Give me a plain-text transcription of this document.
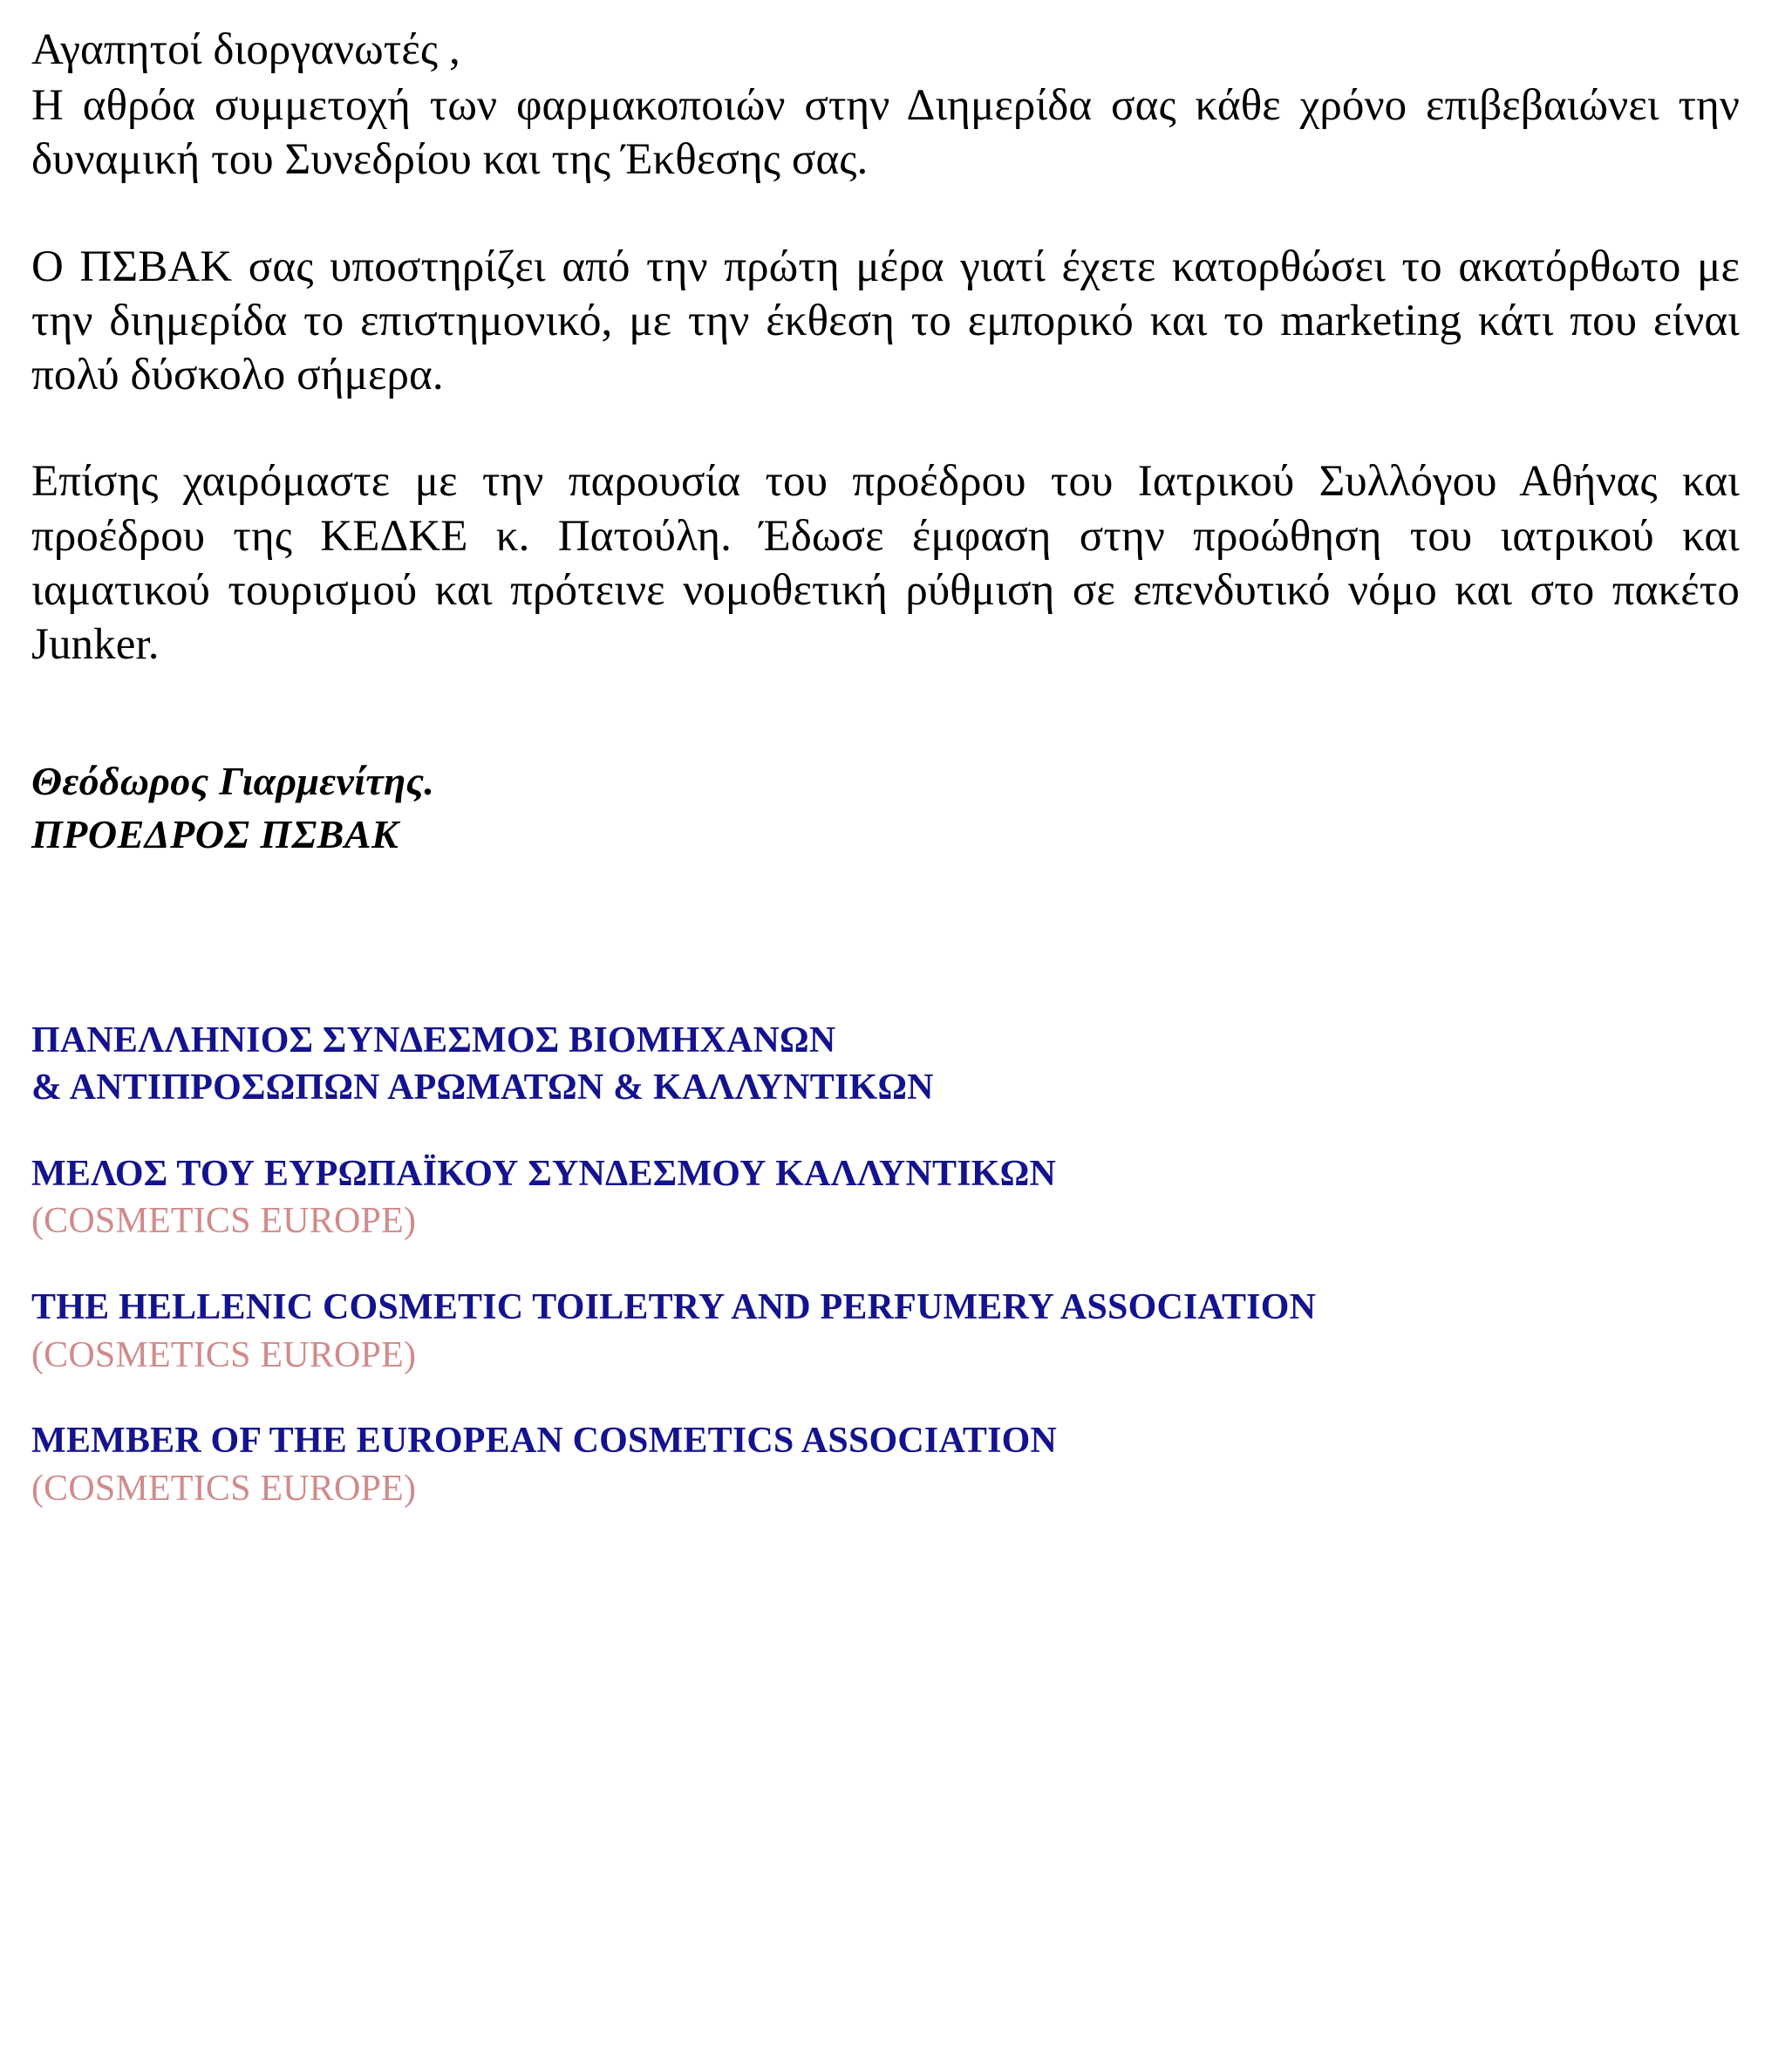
Αγαπητοί διοργανωτές ,

Η αθρόα συμμετοχή των φαρμακοποιών στην Διημερίδα σας κάθε χρόνο επιβεβαιώνει την δυναμική του Συνεδρίου και της Έκθεσης σας.

Ο ΠΣΒΑΚ σας υποστηρίζει από την πρώτη μέρα γιατί έχετε κατορθώσει το ακατόρθωτο με την διημερίδα το επιστημονικό, με την έκθεση το εμπορικό και το marketing κάτι που είναι πολύ δύσκολο σήμερα.

Επίσης χαιρόμαστε με την παρουσία του προέδρου του Ιατρικού Συλλόγου Αθήνας και προέδρου της ΚΕΔΚΕ κ. Πατούλη. Έδωσε έμφαση στην προώθηση του ιατρικού και ιαματικού τουρισμού και πρότεινε νομοθετική ρύθμιση σε επενδυτικό νόμο και στο πακέτο Junker.

Θεόδωρος Γιαρμενίτης.
ΠΡΟΕΔΡΟΣ ΠΣΒΑΚ
ΠΑΝΕΛΛΗΝΙΟΣ ΣΥΝΔΕΣΜΟΣ ΒΙΟΜΗΧΑΝΩΝ
& ΑΝΤΙΠΡΟΣΩΠΩΝ ΑΡΩΜΑΤΩΝ & ΚΑΛΛΥΝΤΙΚΩΝ
ΜΕΛΟΣ ΤΟΥ ΕΥΡΩΠΑΪΚΟΥ ΣΥΝΔΕΣΜΟΥ ΚΑΛΛΥΝΤΙΚΩΝ
(COSMETICS EUROPE)
THE HELLENIC COSMETIC TOILETRY AND PERFUMERY ASSOCIATION
(COSMETICS EUROPE)
MEMBER OF THE EUROPEAN COSMETICS ASSOCIATION
(COSMETICS EUROPE)
